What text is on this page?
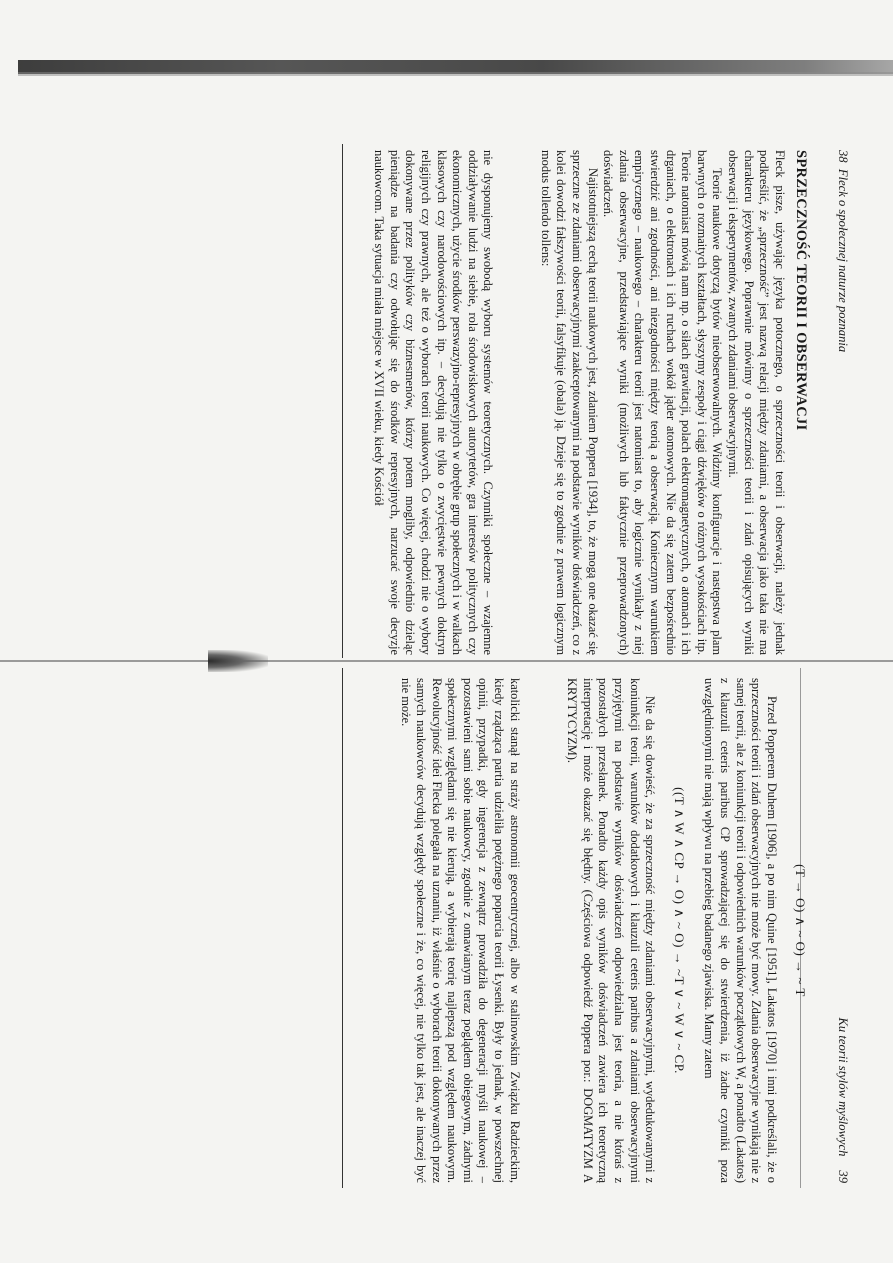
38  Fleck o społecznej naturze poznania
SPRZECZNOŚĆ TEORII I OBSERWACJI

Fleck pisze, używając języka potocznego, o sprzeczności teorii i obserwacji, należy jednak podkreślić, że „sprzeczność” jest nazwą relacji między zdaniami, a obserwacja jako taka nie ma charakteru językowego. Poprawnie mówimy o sprzeczności teorii i zdań opisujących wyniki obserwacji i eksperymentów, zwanych zdaniami obserwacyjnymi.

Teorie naukowe dotyczą bytów nieobserwowalnych. Widzimy konfiguracje i następstwa plam barwnych o rozmaitych kształtach, słyszymy zespoły i ciągi dźwięków o różnych wysokościach itp. Teorie natomiast mówią nam np. o siłach grawitacji, polach elektromagnetycznych, o atomach i ich drganiach, o elektronach i ich ruchach wokół jąder atomowych. Nie da się zatem bezpośrednio stwierdzić ani zgodności, ani niezgodności między teorią a obserwacją. Koniecznym warunkiem empirycznego – naukowego – charakteru teorii jest natomiast to, aby logicznie wynikały z niej zdania obserwacyjne, przedstawiające wyniki (możliwych lub faktycznie przeprowadzonych) doświadczeń.

Najistotniejszą cechą teorii naukowych jest, zdaniem Poppera [1934], to, że mogą one okazać się sprzeczne ze zdaniami obserwacyjnymi zaakceptowanymi na podstawie wyników doświadczeń, co z kolei dowodzi fałszywości teorii, falsyfikuje (obala) ją. Dzieje się to zgodnie z prawem logicznym modus tollendo tollens:

nie dysponujemy swobodą wyboru systemów teoretycznych. Czynniki społeczne – wzajemne oddziaływanie ludzi na siebie, rola środowiskowych autorytetów, gra interesów politycznych czy ekonomicznych, użycie środków perswazyjno-represyjnych w obrębie grup społecznych i w walkach klasowych czy narodowościowych itp. – decydują nie tylko o zwycięstwie pewnych doktryn religijnych czy prawnych, ale też o wyborach teorii naukowych. Co więcej, chodzi nie o wybory dokonywane przez polityków czy biznesmenów, którzy potem mogliby, odpowiednio dzieląc pieniądze na badania czy odwołując się do środków represyjnych, narzucać swoje decyzje naukowcom. Taka sytuacja miała miejsce w XVII wieku, kiedy Kościół

Ku teorii stylów myślowych
39
(T → O) ∧ ~ O) → ~ T

Przed Popperem Duhem [1906], a po nim Quine [1951], Lakatos [1970] i inni podkreślali, że o sprzeczności teorii i zdań obserwacyjnych nie może być mowy. Zdania obserwacyjne wynikają nie z samej teorii, ale z koniunkcji teorii i odpowiednich warunków początkowych W, a ponadto (Lakatos) z klauzuli ceteris paribus CP sprowadzającej się do stwierdzenia, iż żadne czynniki poza uwzględnionymi nie mają wpływu na przebieg badanego zjawiska. Mamy zatem

((T ∧ W ∧ CP → O) ∧ ~ O) → ~T ∨ ~ W ∨ ~ CP.

Nie da się dowieść, że za sprzeczność między zdaniami obserwacyjnymi, wydedukowanymi z koniunkcji teorii, warunków dodatkowych i klauzuli ceteris paribus a zdaniami obserwacyjnymi przyjętymi na podstawie wyników doświadczeń odpowiedzialna jest teoria, a nie któraś z pozostałych przesłanek. Ponadto każdy opis wyników doświadczeń zawiera ich teoretyczną interpretację i może okazać się błędny. (Częściowa odpowiedź Poppera por.: DOGMATYZM A KRYTYCYZM).

katolicki stanął na straży astronomii geocentrycznej, albo w stalinowskim Związku Radzieckim, kiedy rządząca partia udzieliła potężnego poparcia teorii Łysenki. Były to jednak, w powszechnej opinii, przypadki, gdy ingerencja z zewnątrz prowadziła do degeneracji myśli naukowej – pozostawieni sami sobie naukowcy, zgodnie z omawianym teraz poglądem obiegowym, żadnymi społecznymi względami się nie kierują, a wybierają teorię najlepszą pod względem naukowym. Rewolucyjność idei Flecka polegała na uznaniu, iż właśnie o wyborach teorii dokonywanych przez samych naukowców decydują względy społeczne i że, co więcej, nie tylko tak jest, ale inaczej być nie może.
